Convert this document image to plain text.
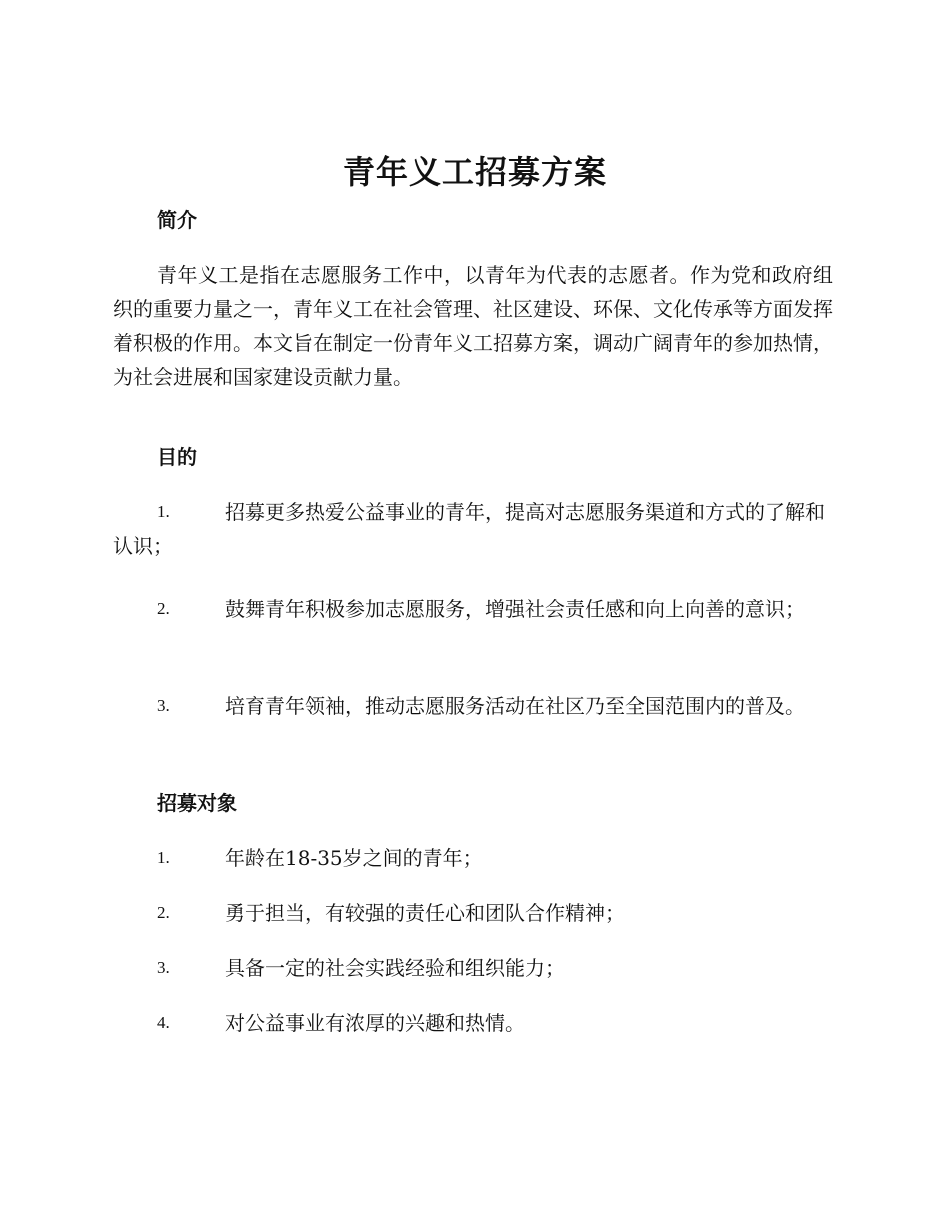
青年义工招募方案
简介
青年义工是指在志愿服务工作中，以青年为代表的志愿者。作为党和政府组织的重要力量之一，青年义工在社会管理、社区建设、环保、文化传承等方面发挥着积极的作用。本文旨在制定一份青年义工招募方案，调动广阔青年的参加热情，为社会进展和国家建设贡献力量。
目的
1.	招募更多热爱公益事业的青年，提高对志愿服务渠道和方式的了解和认识；
2.	鼓舞青年积极参加志愿服务，增强社会责任感和向上向善的意识；
3.	培育青年领袖，推动志愿服务活动在社区乃至全国范围内的普及。
招募对象
1.	年龄在18-35岁之间的青年；
2.	勇于担当，有较强的责任心和团队合作精神；
3.	具备一定的社会实践经验和组织能力；
4.	对公益事业有浓厚的兴趣和热情。
